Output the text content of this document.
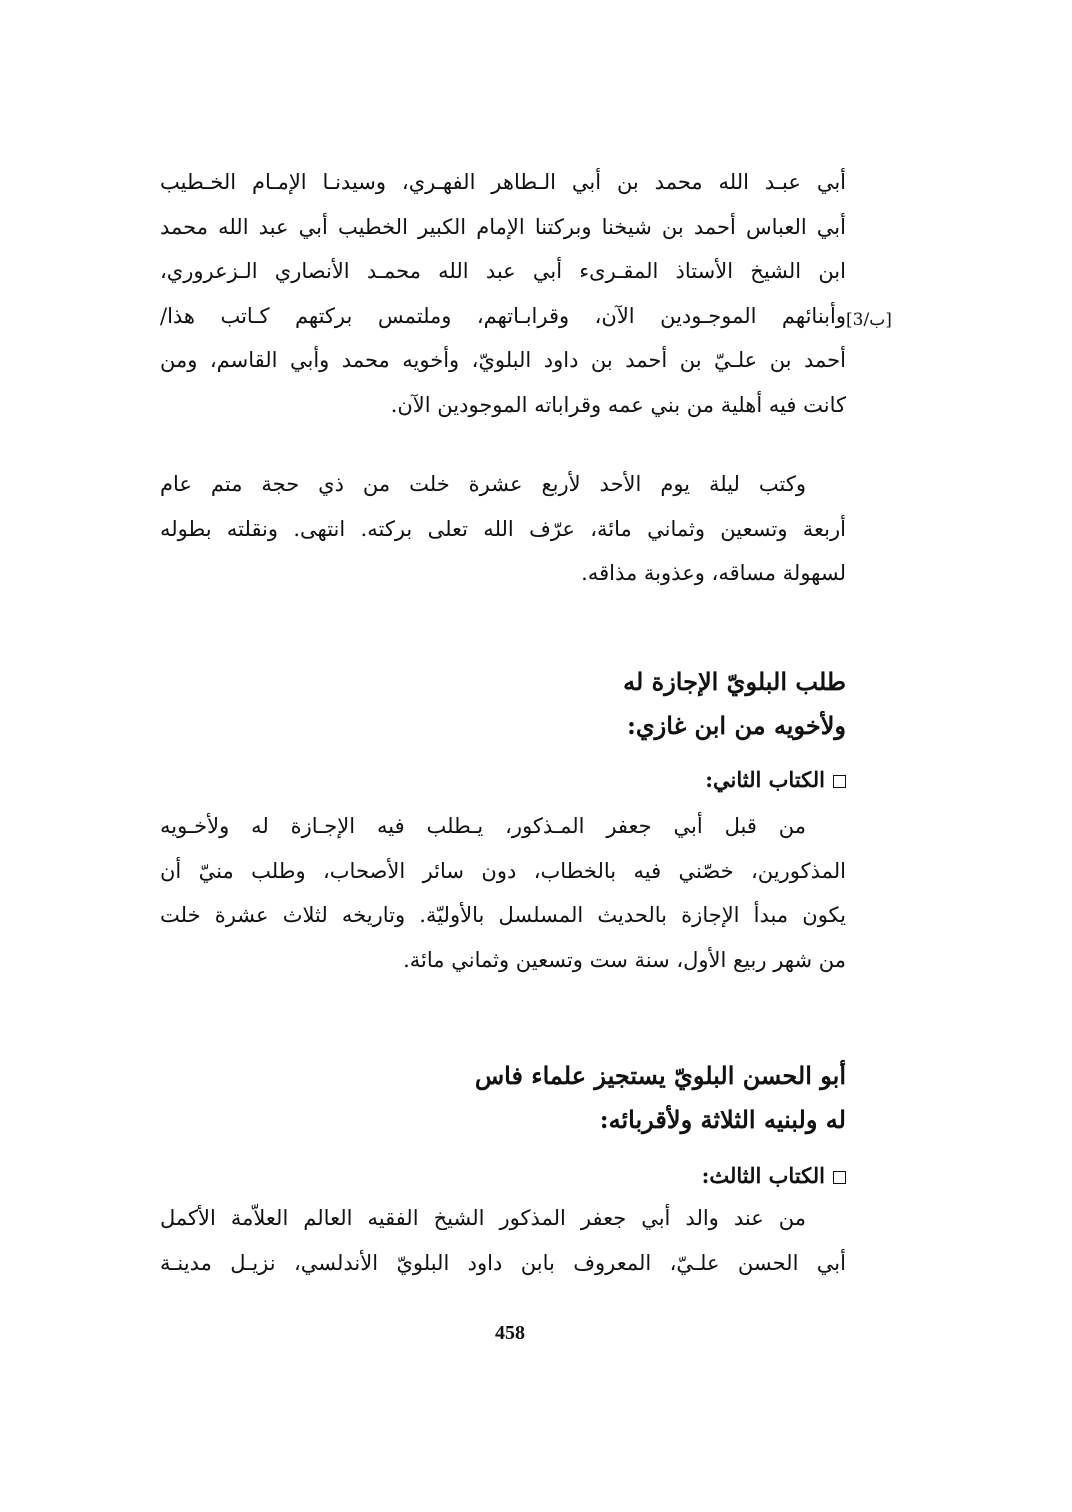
أبي عبـد الله محمد بن أبي الـطاهر الفهـري، وسيدنـا الإمـام الخـطيب
أبي العباس أحمد بن شيخنا وبركتنا الإمام الكبير الخطيب أبي عبد الله محمد
ابن الشيخ الأستاذ المقـرىء أبي عبد الله محمـد الأنصاري الـزعروري،
وأبنائهم الموجـودين الآن، وقرابـاتهم، وملتمس بركتهم كـاتب هذا/
أحمد بن علـيّ بن أحمد بن داود البلويّ، وأخويه محمد وأبي القاسم، ومن
كانت فيه أهلية من بني عمه وقراباته الموجودين الآن.
[3/ب]
وكتب ليلة يوم الأحد لأربع عشرة خلت من ذي حجة متم عام
أربعة وتسعين وثماني مائة، عرّف الله تعلى بركته. انتهى. ونقلته بطوله
لسهولة مساقه، وعذوبة مذاقه.
طلب البلويّ الإجازة له
ولأخويه من ابن غازي:
الكتاب الثاني:
من قبل أبي جعفر المـذكور، يـطلب فيه الإجـازة له ولأخـويه
المذكورين، خصّني فيه بالخطاب، دون سائر الأصحاب، وطلب منيّ أن
يكون مبدأ الإجازة بالحديث المسلسل بالأوليّة. وتاريخه لثلاث عشرة خلت
من شهر ربيع الأول، سنة ست وتسعين وثماني مائة.
أبو الحسن البلويّ يستجيز علماء فاس
له ولبنيه الثلاثة ولأقربائه:
الكتاب الثالث:
من عند والد أبي جعفر المذكور الشيخ الفقيه العالم العلاّمة الأكمل
أبي الحسن علـيّ، المعروف بابن داود البلويّ الأندلسي، نزيـل مدينـة
458
